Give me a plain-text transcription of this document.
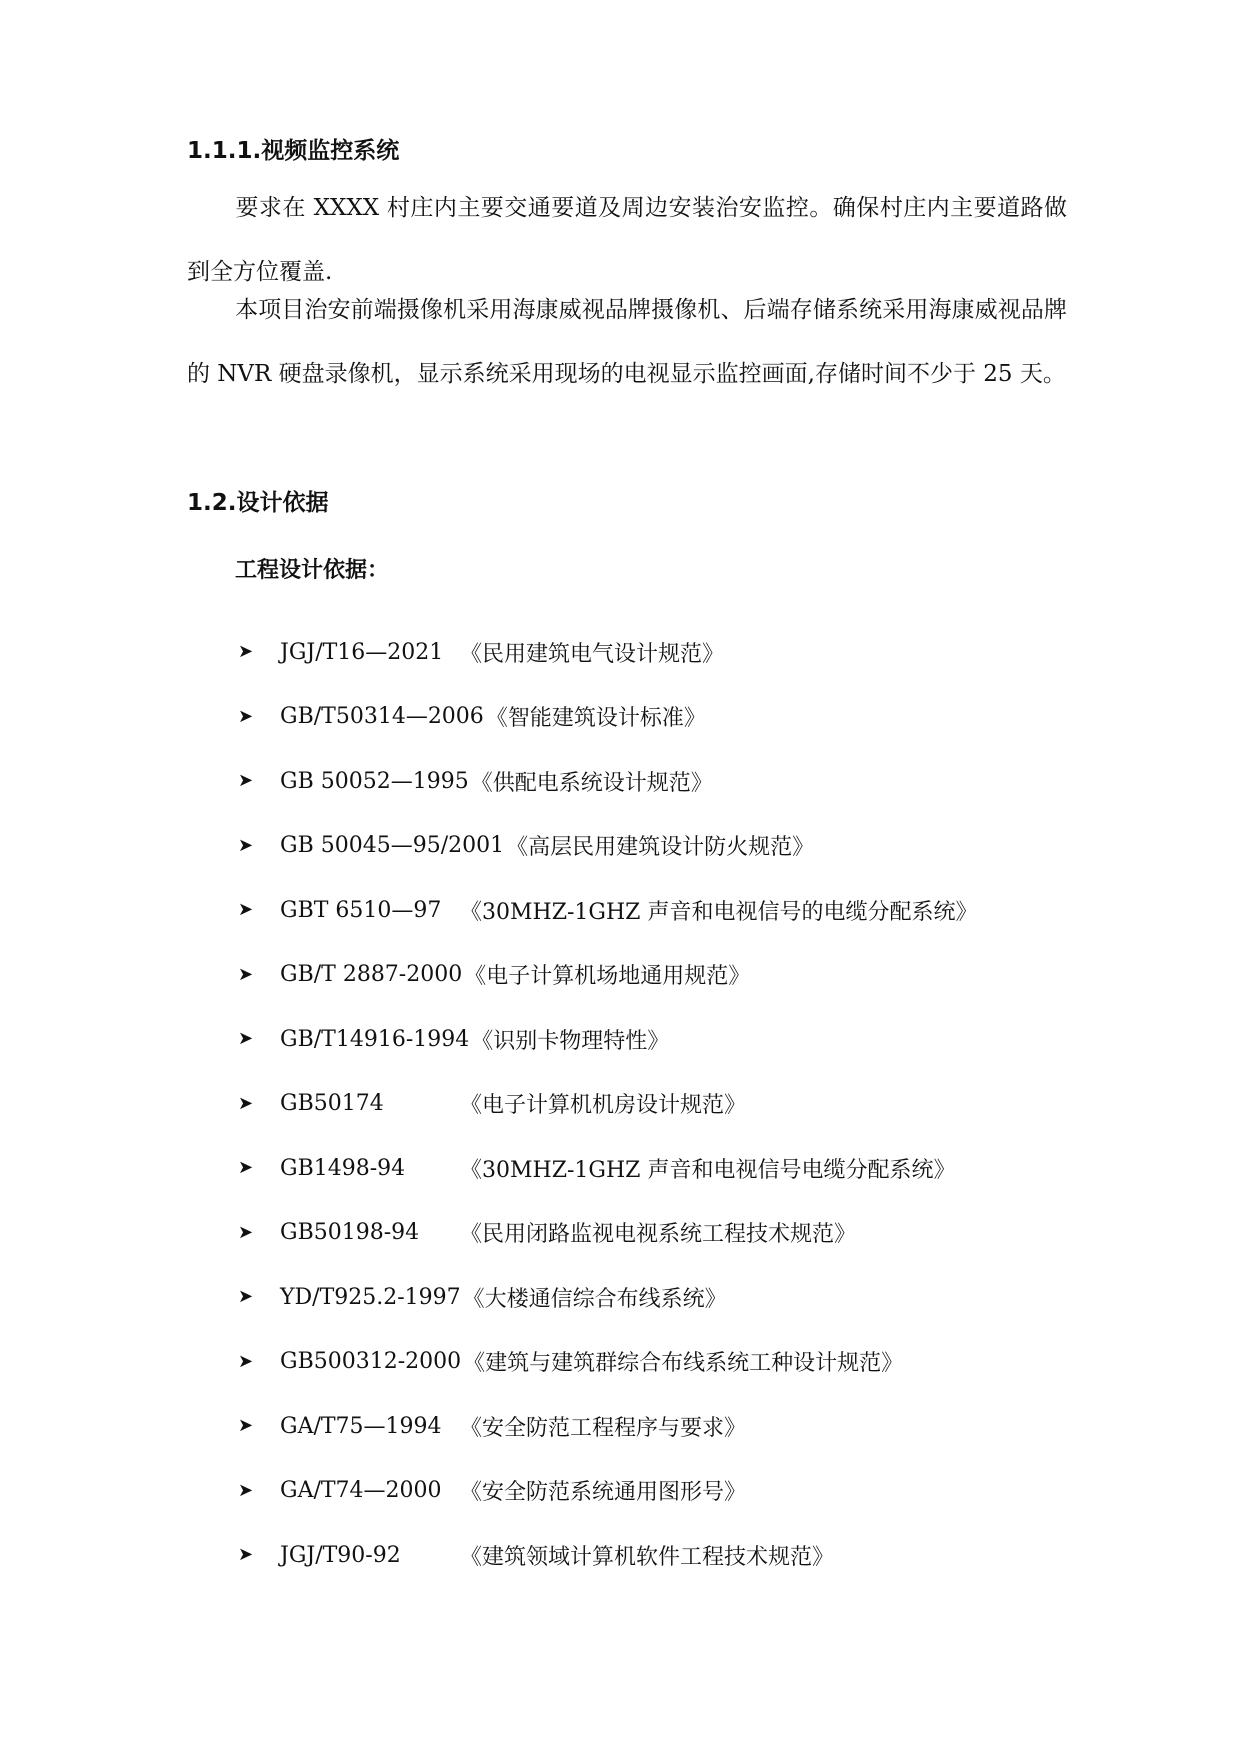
1.1.1.视频监控系统
要求在 XXXX 村庄内主要交通要道及周边安装治安监控。确保村庄内主要道路做到全方位覆盖.
本项目治安前端摄像机采用海康威视品牌摄像机、后端存储系统采用海康威视品牌的 NVR 硬盘录像机，显示系统采用现场的电视显示监控画面,存储时间不少于 25 天。
1.2.设计依据
工程设计依据：
➤	JGJ/T16—2021 《民用建筑电气设计规范》
➤	GB/T50314—2006 《智能建筑设计标准》
➤	GB 50052—1995 《供配电系统设计规范》
➤	GB 50045—95/2001 《高层民用建筑设计防火规范》
➤	GBT 6510—97 《30MHZ-1GHZ 声音和电视信号的电缆分配系统》
➤	GB/T 2887-2000 《电子计算机场地通用规范》
➤	GB/T14916-1994 《识别卡物理特性》
➤	GB50174	《电子计算机机房设计规范》
➤	GB1498-94	《30MHZ-1GHZ 声音和电视信号电缆分配系统》
➤	GB50198-94	《民用闭路监视电视系统工程技术规范》
➤	YD/T925.2-1997 《大楼通信综合布线系统》
➤	GB500312-2000 《建筑与建筑群综合布线系统工种设计规范》
➤	GA/T75—1994 《安全防范工程程序与要求》
➤	GA/T74—2000 《安全防范系统通用图形号》
➤	JGJ/T90-92	《建筑领域计算机软件工程技术规范》
